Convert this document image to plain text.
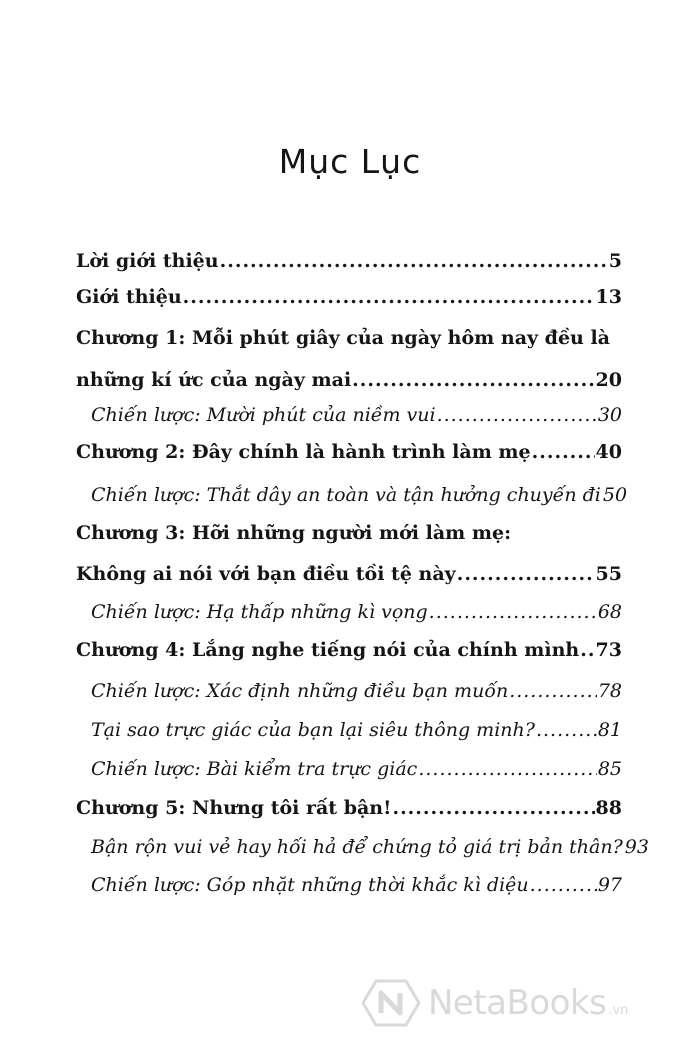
Mục Lục
Lời giới thiệu .....	5
Giới thiệu .....	13
Chương 1: Mỗi phút giây của ngày hôm nay đều là
những kí ức của ngày mai .....	20
Chiến lược: Mười phút của niềm vui .....	30
Chương 2: Đây chính là hành trình làm mẹ .....	40
Chiến lược: Thắt dây an toàn và tận hưởng chuyến đi 50
Chương 3: Hỡi những người mới làm mẹ:
Không ai nói với bạn điều tồi tệ này .....	55
Chiến lược: Hạ thấp những kì vọng .....	68
Chương 4: Lắng nghe tiếng nói của chính mình ..... 73
Chiến lược: Xác định những điều bạn muốn .....	78
Tại sao trực giác của bạn lại siêu thông minh? .....	81
Chiến lược: Bài kiểm tra trực giác .....	85
Chương 5: Nhưng tôi rất bận! .....	88
Bận rộn vui vẻ hay hối hả để chứng tỏ giá trị bản thân? 93
Chiến lược: Góp nhặt những thời khắc kì diệu .....	97
NetaBooks .vn
